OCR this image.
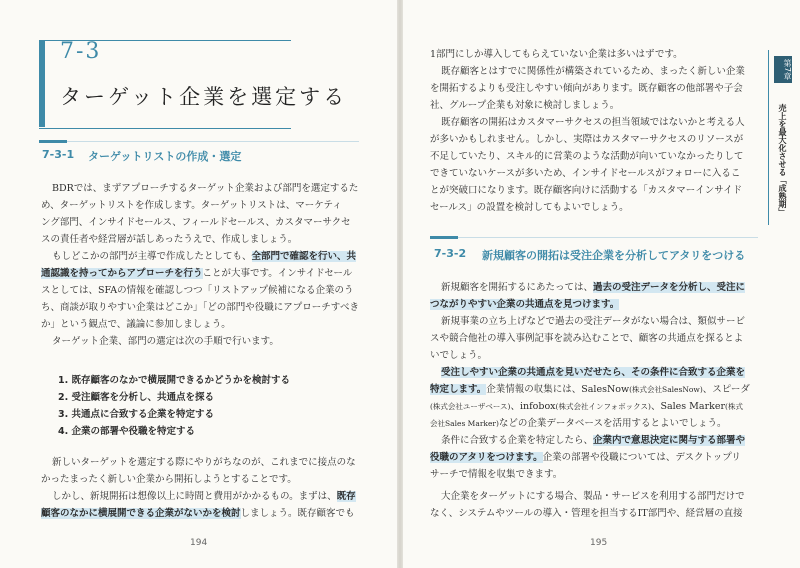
7-3
ターゲット企業を選定する
7-3-1 ターゲットリストの作成・選定
BDRでは、まずアプローチするターゲット企業および部門を選定するた
め、ターゲットリストを作成します。ターゲットリストは、マーケティ
ング部門、インサイドセールス、フィールドセールス、カスタマーサクセ
スの責任者や経営層が話しあったうえで、作成しましょう。
もしどこかの部門が主導で作成したとしても、全部門で確認を行い、共
通認識を持ってからアプローチを行うことが大事です。インサイドセール
スとしては、SFAの情報を確認しつつ「リストアップ候補になる企業のう
ち、商談が取りやすい企業はどこか」「どの部門や役職にアプローチすべき
か」という観点で、議論に参加しましょう。
ターゲット企業、部門の選定は次の手順で行います。
1. 既存顧客のなかで横展開できるかどうかを検討する
2. 受注顧客を分析し、共通点を探る
3. 共通点に合致する企業を特定する
4. 企業の部署や役職を特定する
新しいターゲットを選定する際にやりがちなのが、これまでに接点のな
かったまったく新しい企業から開拓しようとすることです。
しかし、新規開拓は想像以上に時間と費用がかかるもの。まずは、既存
顧客のなかに横展開できる企業がないかを検討しましょう。既存顧客でも
194
1部門にしか導入してもらえていない企業は多いはずです。
既存顧客とはすでに関係性が構築されているため、まったく新しい企業
を開拓するよりも受注しやすい傾向があります。既存顧客の他部署や子会
社、グループ企業も対象に検討しましょう。
既存顧客の開拓はカスタマーサクセスの担当領域ではないかと考える人
が多いかもしれません。しかし、実際はカスタマーサクセスのリソースが
不足していたり、スキル的に営業のような活動が向いていなかったりして
できていないケースが多いため、インサイドセールスがフォローに入るこ
とが突破口になります。既存顧客向けに活動する「カスタマーインサイド
セールス」の設置を検討してもよいでしょう。
7-3-2 新規顧客の開拓は受注企業を分析してアタリをつける
新規顧客を開拓するにあたっては、過去の受注データを分析し、受注に
つながりやすい企業の共通点を見つけます。
新規事業の立ち上げなどで過去の受注データがない場合は、類似サービ
スや競合他社の導入事例記事を読み込むことで、顧客の共通点を探るとよ
いでしょう。
受注しやすい企業の共通点を見いだせたら、その条件に合致する企業を
特定します。企業情報の収集には、SalesNow(株式会社SalesNow)、スピーダ
(株式会社ユーザベース)、infobox(株式会社インフォボックス)、Sales Marker(株式
会社Sales Marker)などの企業データベースを活用するとよいでしょう。
条件に合致する企業を特定したら、企業内で意思決定に関与する部署や
役職のアタリをつけます。企業の部署や役職については、デスクトップリ
サーチで情報を収集できます。
大企業をターゲットにする場合、製品・サービスを利用する部門だけで
なく、システムやツールの導入・管理を担当するIT部門や、経営層の直接
195
第7章
売上を最大化させる「成熟期」
